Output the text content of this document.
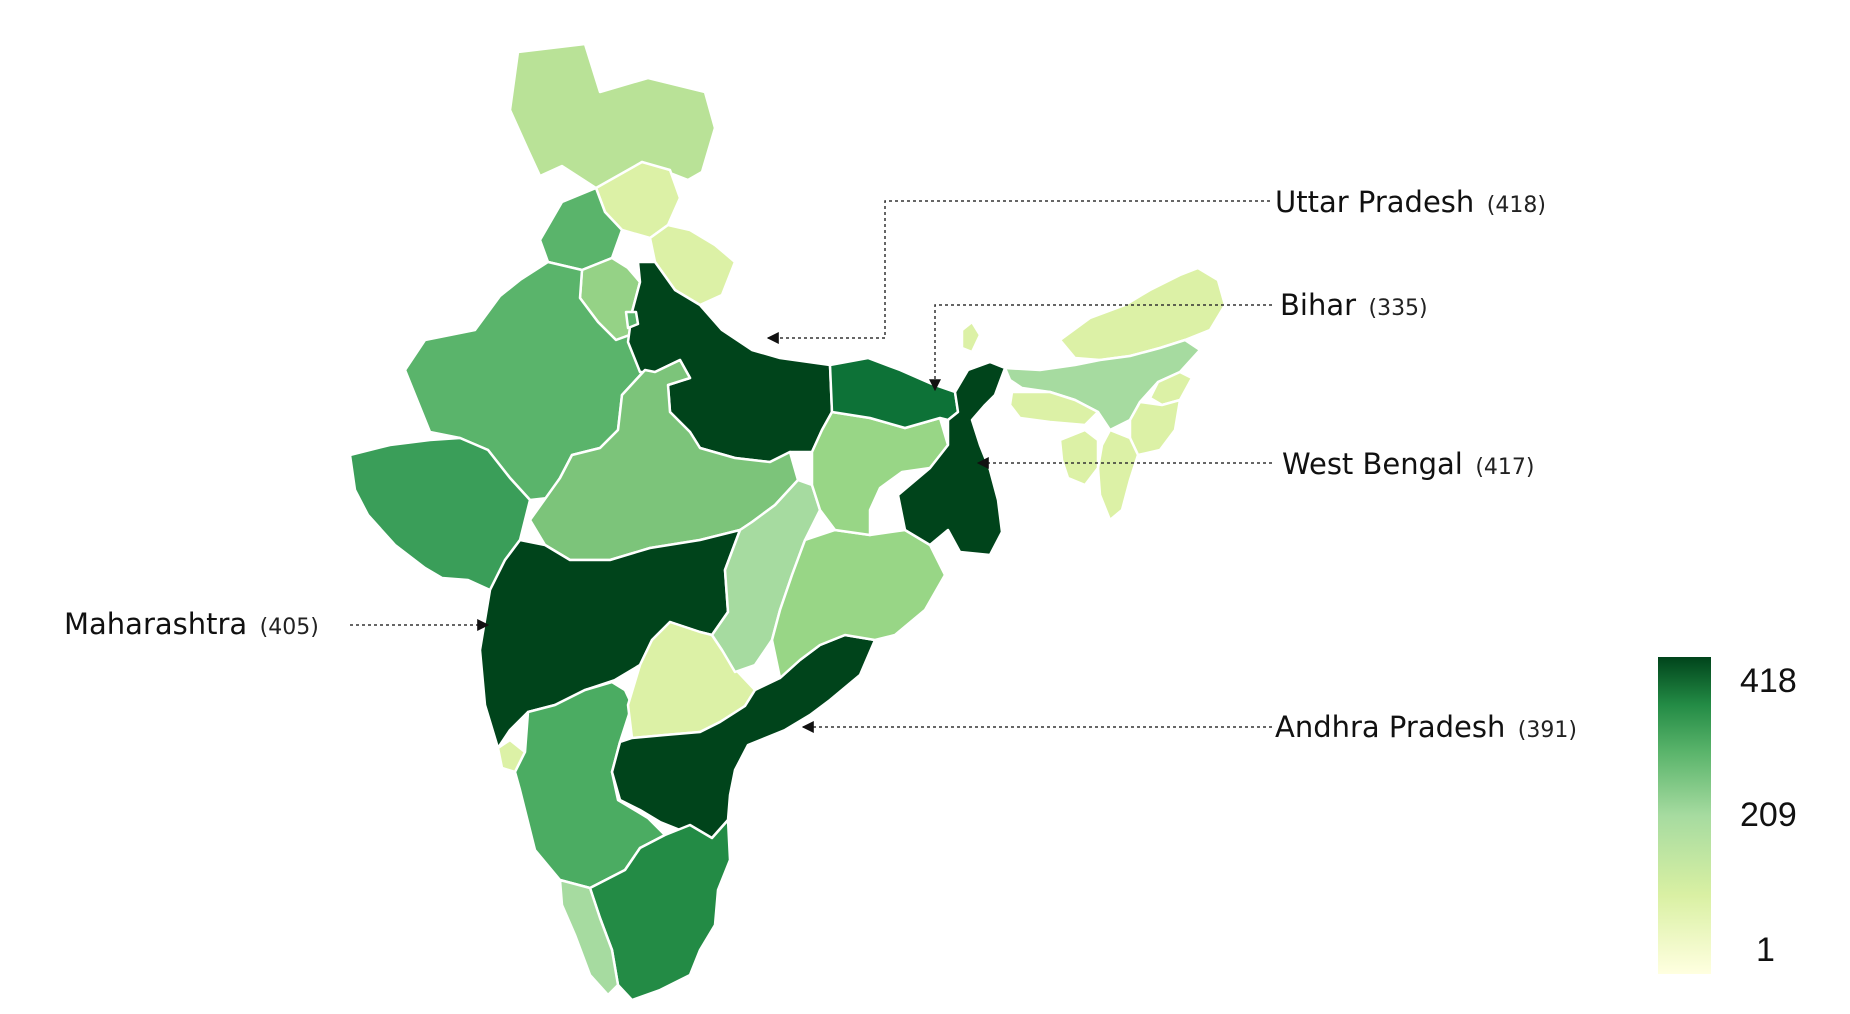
Uttar Pradesh (418)
Bihar (335)
West Bengal (417)
Maharashtra (405)
Andhra Pradesh (391)
418
209
1
